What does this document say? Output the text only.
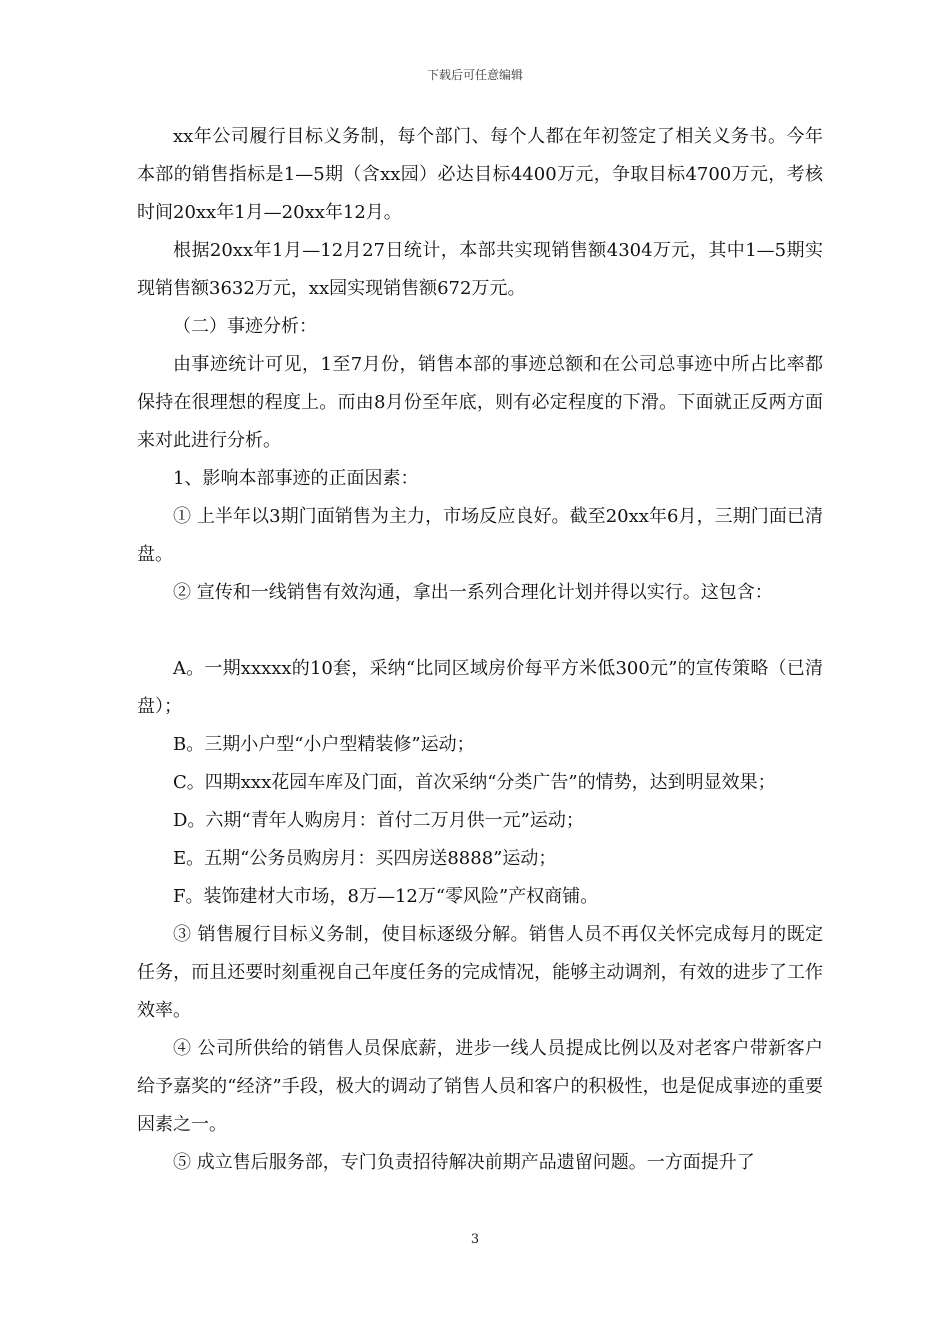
下载后可任意编辑

xx年公司履行目标义务制，每个部门、每个人都在年初签定了相关义务书。今年本部的销售指标是1—5期（含xx园）必达目标4400万元，争取目标4700万元，考核时间20xx年1月—20xx年12月。

根据20xx年1月—12月27日统计，本部共实现销售额4304万元，其中1—5期实现销售额3632万元，xx园实现销售额672万元。

（二）事迹分析：

由事迹统计可见，1至7月份，销售本部的事迹总额和在公司总事迹中所占比率都保持在很理想的程度上。而由8月份至年底，则有必定程度的下滑。下面就正反两方面来对此进行分析。

1、影响本部事迹的正面因素：

① 上半年以3期门面销售为主力，市场反应良好。截至20xx年6月，三期门面已清盘。

② 宣传和一线销售有效沟通，拿出一系列合理化计划并得以实行。这包含：

A。一期xxxxx的10套，采纳“比同区域房价每平方米低300元”的宣传策略（已清盘）；

B。三期小户型“小户型精装修”运动；

C。四期xxx花园车库及门面，首次采纳“分类广告”的情势，达到明显效果；

D。六期“青年人购房月：首付二万月供一元”运动；

E。五期“公务员购房月：买四房送8888”运动；

F。装饰建材大市场，8万—12万“零风险”产权商铺。

③ 销售履行目标义务制，使目标逐级分解。销售人员不再仅关怀完成每月的既定任务，而且还要时刻重视自己年度任务的完成情况，能够主动调剂，有效的进步了工作效率。

④ 公司所供给的销售人员保底薪，进步一线人员提成比例以及对老客户带新客户给予嘉奖的“经济”手段，极大的调动了销售人员和客户的积极性，也是促成事迹的重要因素之一。

⑤ 成立售后服务部，专门负责招待解决前期产品遗留问题。一方面提升了

3
